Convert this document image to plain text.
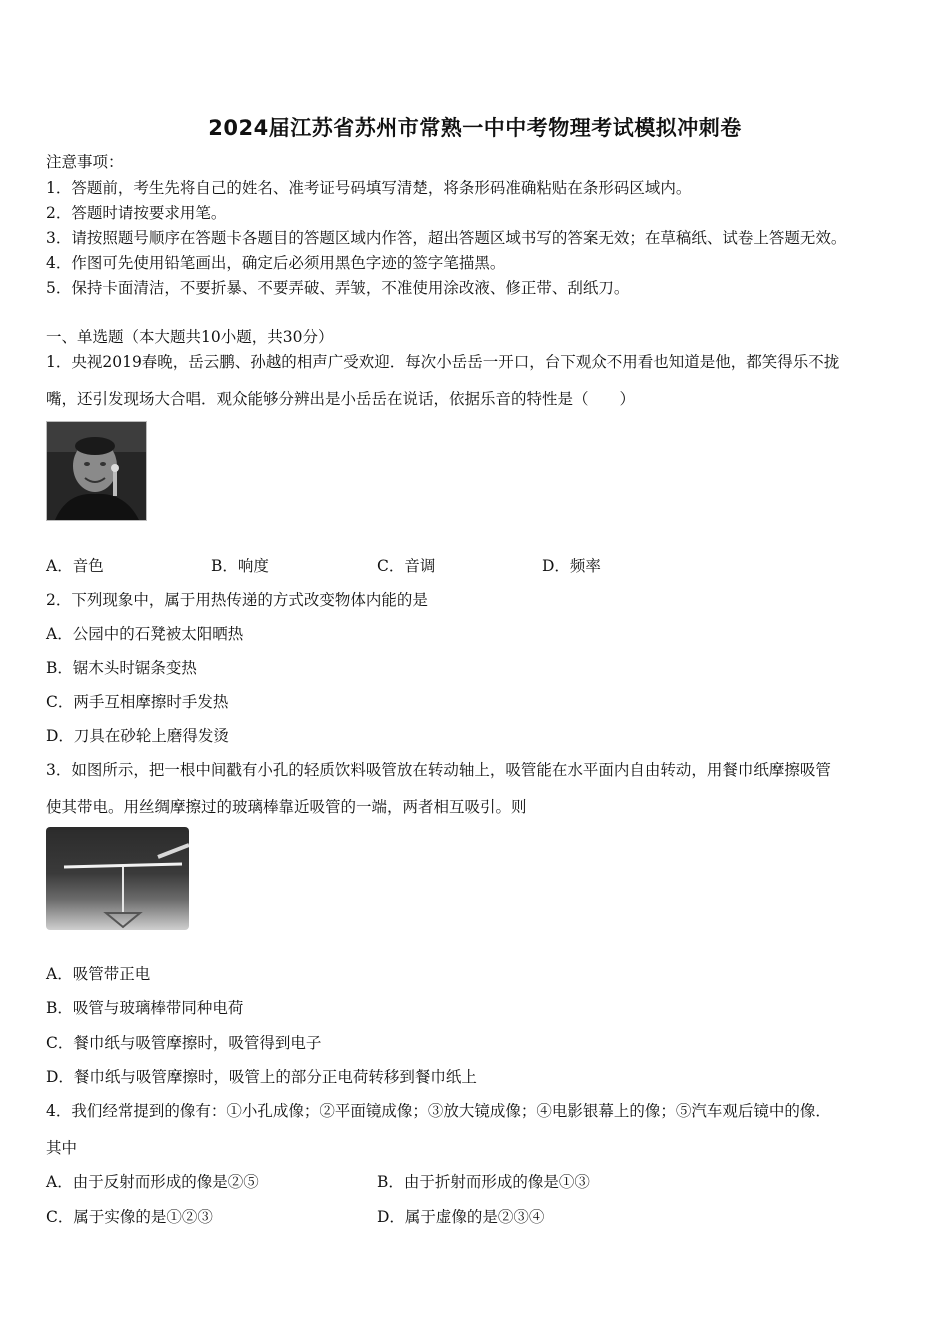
2024届江苏省苏州市常熟一中中考物理考试模拟冲刺卷
注意事项：
1．答题前，考生先将自己的姓名、准考证号码填写清楚，将条形码准确粘贴在条形码区域内。
2．答题时请按要求用笔。
3．请按照题号顺序在答题卡各题目的答题区域内作答，超出答题区域书写的答案无效；在草稿纸、试卷上答题无效。
4．作图可先使用铅笔画出，确定后必须用黑色字迹的签字笔描黑。
5．保持卡面清洁，不要折暴、不要弄破、弄皱，不准使用涂改液、修正带、刮纸刀。
一、单选题（本大题共10小题，共30分）
1．央视2019春晚，岳云鹏、孙越的相声广受欢迎．每次小岳岳一开口，台下观众不用看也知道是他，都笑得乐不拢
嘴，还引发现场大合唱．观众能够分辨出是小岳岳在说话，依据乐音的特性是（　　）
A．音色	B．响度	C．音调	D．频率
2．下列现象中，属于用热传递的方式改变物体内能的是
A．公园中的石凳被太阳晒热
B．锯木头时锯条变热
C．两手互相摩擦时手发热
D．刀具在砂轮上磨得发烫
3．如图所示，把一根中间戳有小孔的轻质饮料吸管放在转动轴上，吸管能在水平面内自由转动，用餐巾纸摩擦吸管
使其带电。用丝绸摩擦过的玻璃棒靠近吸管的一端，两者相互吸引。则
A．吸管带正电
B．吸管与玻璃棒带同种电荷
C．餐巾纸与吸管摩擦时，吸管得到电子
D．餐巾纸与吸管摩擦时，吸管上的部分正电荷转移到餐巾纸上
4．我们经常提到的像有：①小孔成像；②平面镜成像；③放大镜成像；④电影银幕上的像；⑤汽车观后镜中的像．
其中
A．由于反射而形成的像是②⑤	B．由于折射而形成的像是①③
C．属于实像的是①②③	D．属于虚像的是②③④
